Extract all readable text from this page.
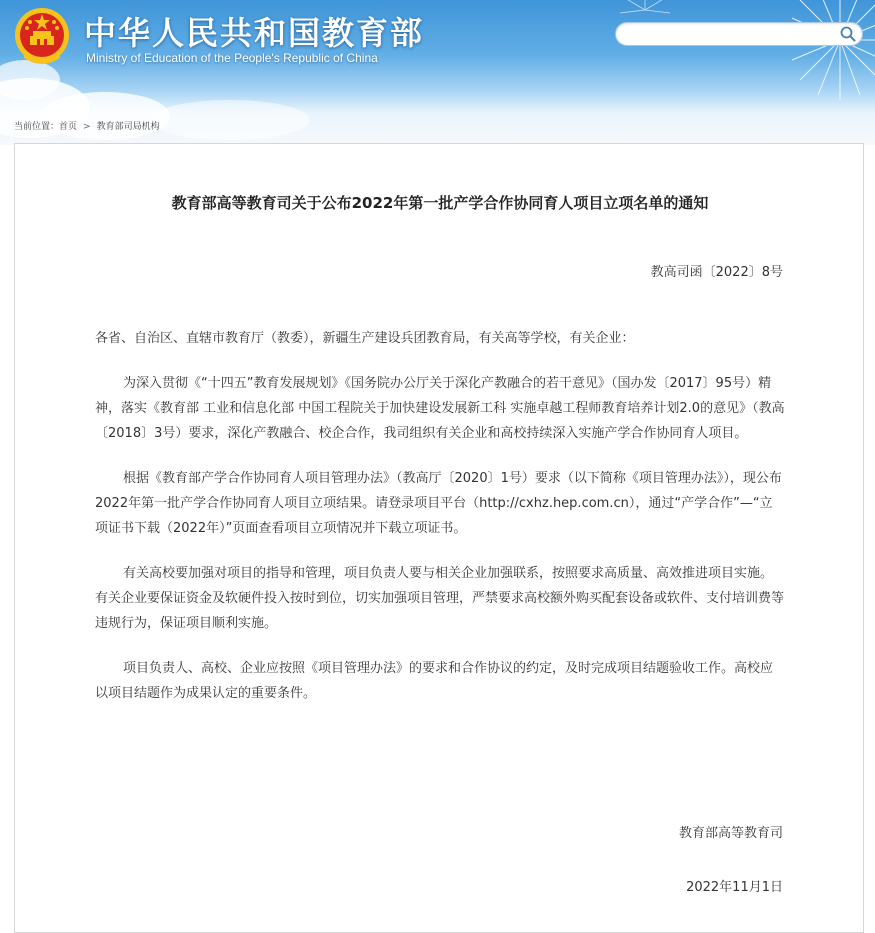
中华人民共和国教育部
Ministry of Education of the People's Republic of China
当前位置：首页 > 教育部司局机构
教育部高等教育司关于公布2022年第一批产学合作协同育人项目立项名单的通知
教高司函〔2022〕8号

各省、自治区、直辖市教育厅（教委），新疆生产建设兵团教育局，有关高等学校，有关企业：

为深入贯彻《“十四五”教育发展规划》《国务院办公厅关于深化产教融合的若干意见》（国办发〔2017〕95号）精神，落实《教育部 工业和信息化部 中国工程院关于加快建设发展新工科 实施卓越工程师教育培养计划2.0的意见》（教高〔2018〕3号）要求，深化产教融合、校企合作，我司组织有关企业和高校持续深入实施产学合作协同育人项目。

根据《教育部产学合作协同育人项目管理办法》（教高厅〔2020〕1号）要求（以下简称《项目管理办法》），现公布2022年第一批产学合作协同育人项目立项结果。请登录项目平台（http://cxhz.hep.com.cn），通过“产学合作”—“立项证书下载（2022年）”页面查看项目立项情况并下载立项证书。

有关高校要加强对项目的指导和管理，项目负责人要与相关企业加强联系，按照要求高质量、高效推进项目实施。有关企业要保证资金及软硬件投入按时到位，切实加强项目管理，严禁要求高校额外购买配套设备或软件、支付培训费等违规行为，保证项目顺利实施。

项目负责人、高校、企业应按照《项目管理办法》的要求和合作协议的约定，及时完成项目结题验收工作。高校应以项目结题作为成果认定的重要条件。

教育部高等教育司
2022年11月1日
